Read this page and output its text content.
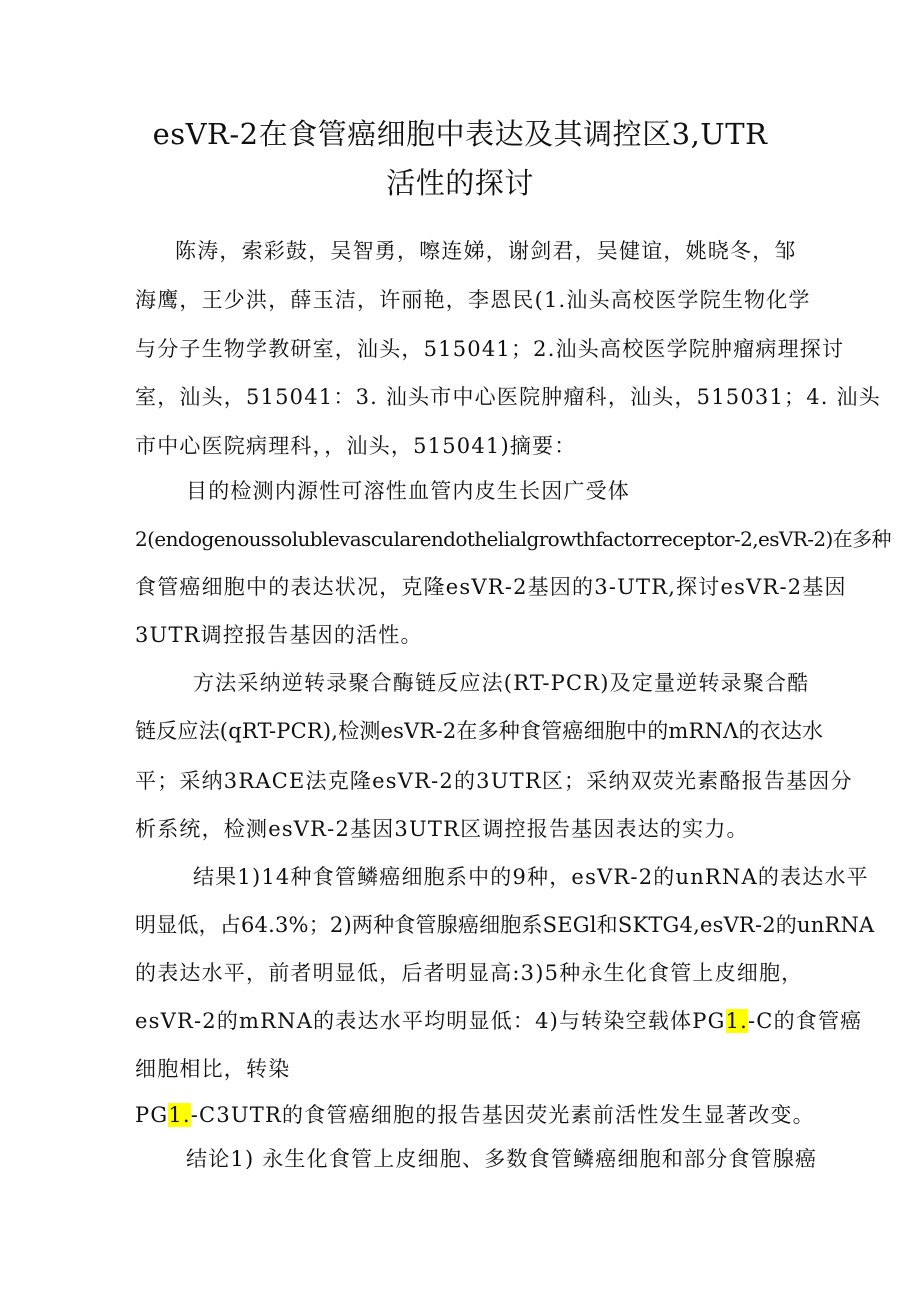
esVR-2在食管癌细胞中表达及其调控区3,UTR
活性的探讨
陈涛，索彩鼓，吴智勇，嚓连娣，谢剑君，吴健谊，姚晓冬，邹
海鹰，王少洪，薛玉洁，许丽艳，李恩民(1.汕头高校医学院生物化学
与分子生物学教研室，汕头，515041；2.汕头高校医学院肿瘤病理探讨
室，汕头，515041：3. 汕头市中心医院肿瘤科，汕头，515031；4. 汕头
市中心医院病理科，，汕头，515041)摘要：
目的检测内源性可溶性血管内皮生长因广受体
2(endogenoussolublevascularendothelialgrowthfactorreceptor-2,esVR-2)在多种
食管癌细胞中的表达状况，克隆esVR-2基因的3-UTR,探讨esVR-2基因
3UTR调控报告基因的活性。
方法采纳逆转录聚合酶链反应法(RT-PCR)及定量逆转录聚合酷
链反应法(qRT-PCR),检测esVR-2在多种食管癌细胞中的mRNΛ的衣达水
平；采纳3RACE法克隆esVR-2的3UTR区；采纳双荧光素酪报告基因分
析系统，检测esVR-2基因3UTR区调控报告基因表达的实力。
结果1)14种食管鳞癌细胞系中的9种，esVR-2的unRNA的表达水平
明显低，占64.3%；2)两种食管腺癌细胞系SEGl和SKTG4,esVR-2的unRNA
的表达水平，前者明显低，后者明显高:3)5种永生化食管上皮细胞，
esVR-2的mRNA的表达水平均明显低：4)与转染空载体PG1.-C的食管癌
细胞相比，转染
PG1.-C3UTR的食管癌细胞的报告基因荧光素前活性发生显著改变。
结论1) 永生化食管上皮细胞、多数食管鳞癌细胞和部分食管腺癌
